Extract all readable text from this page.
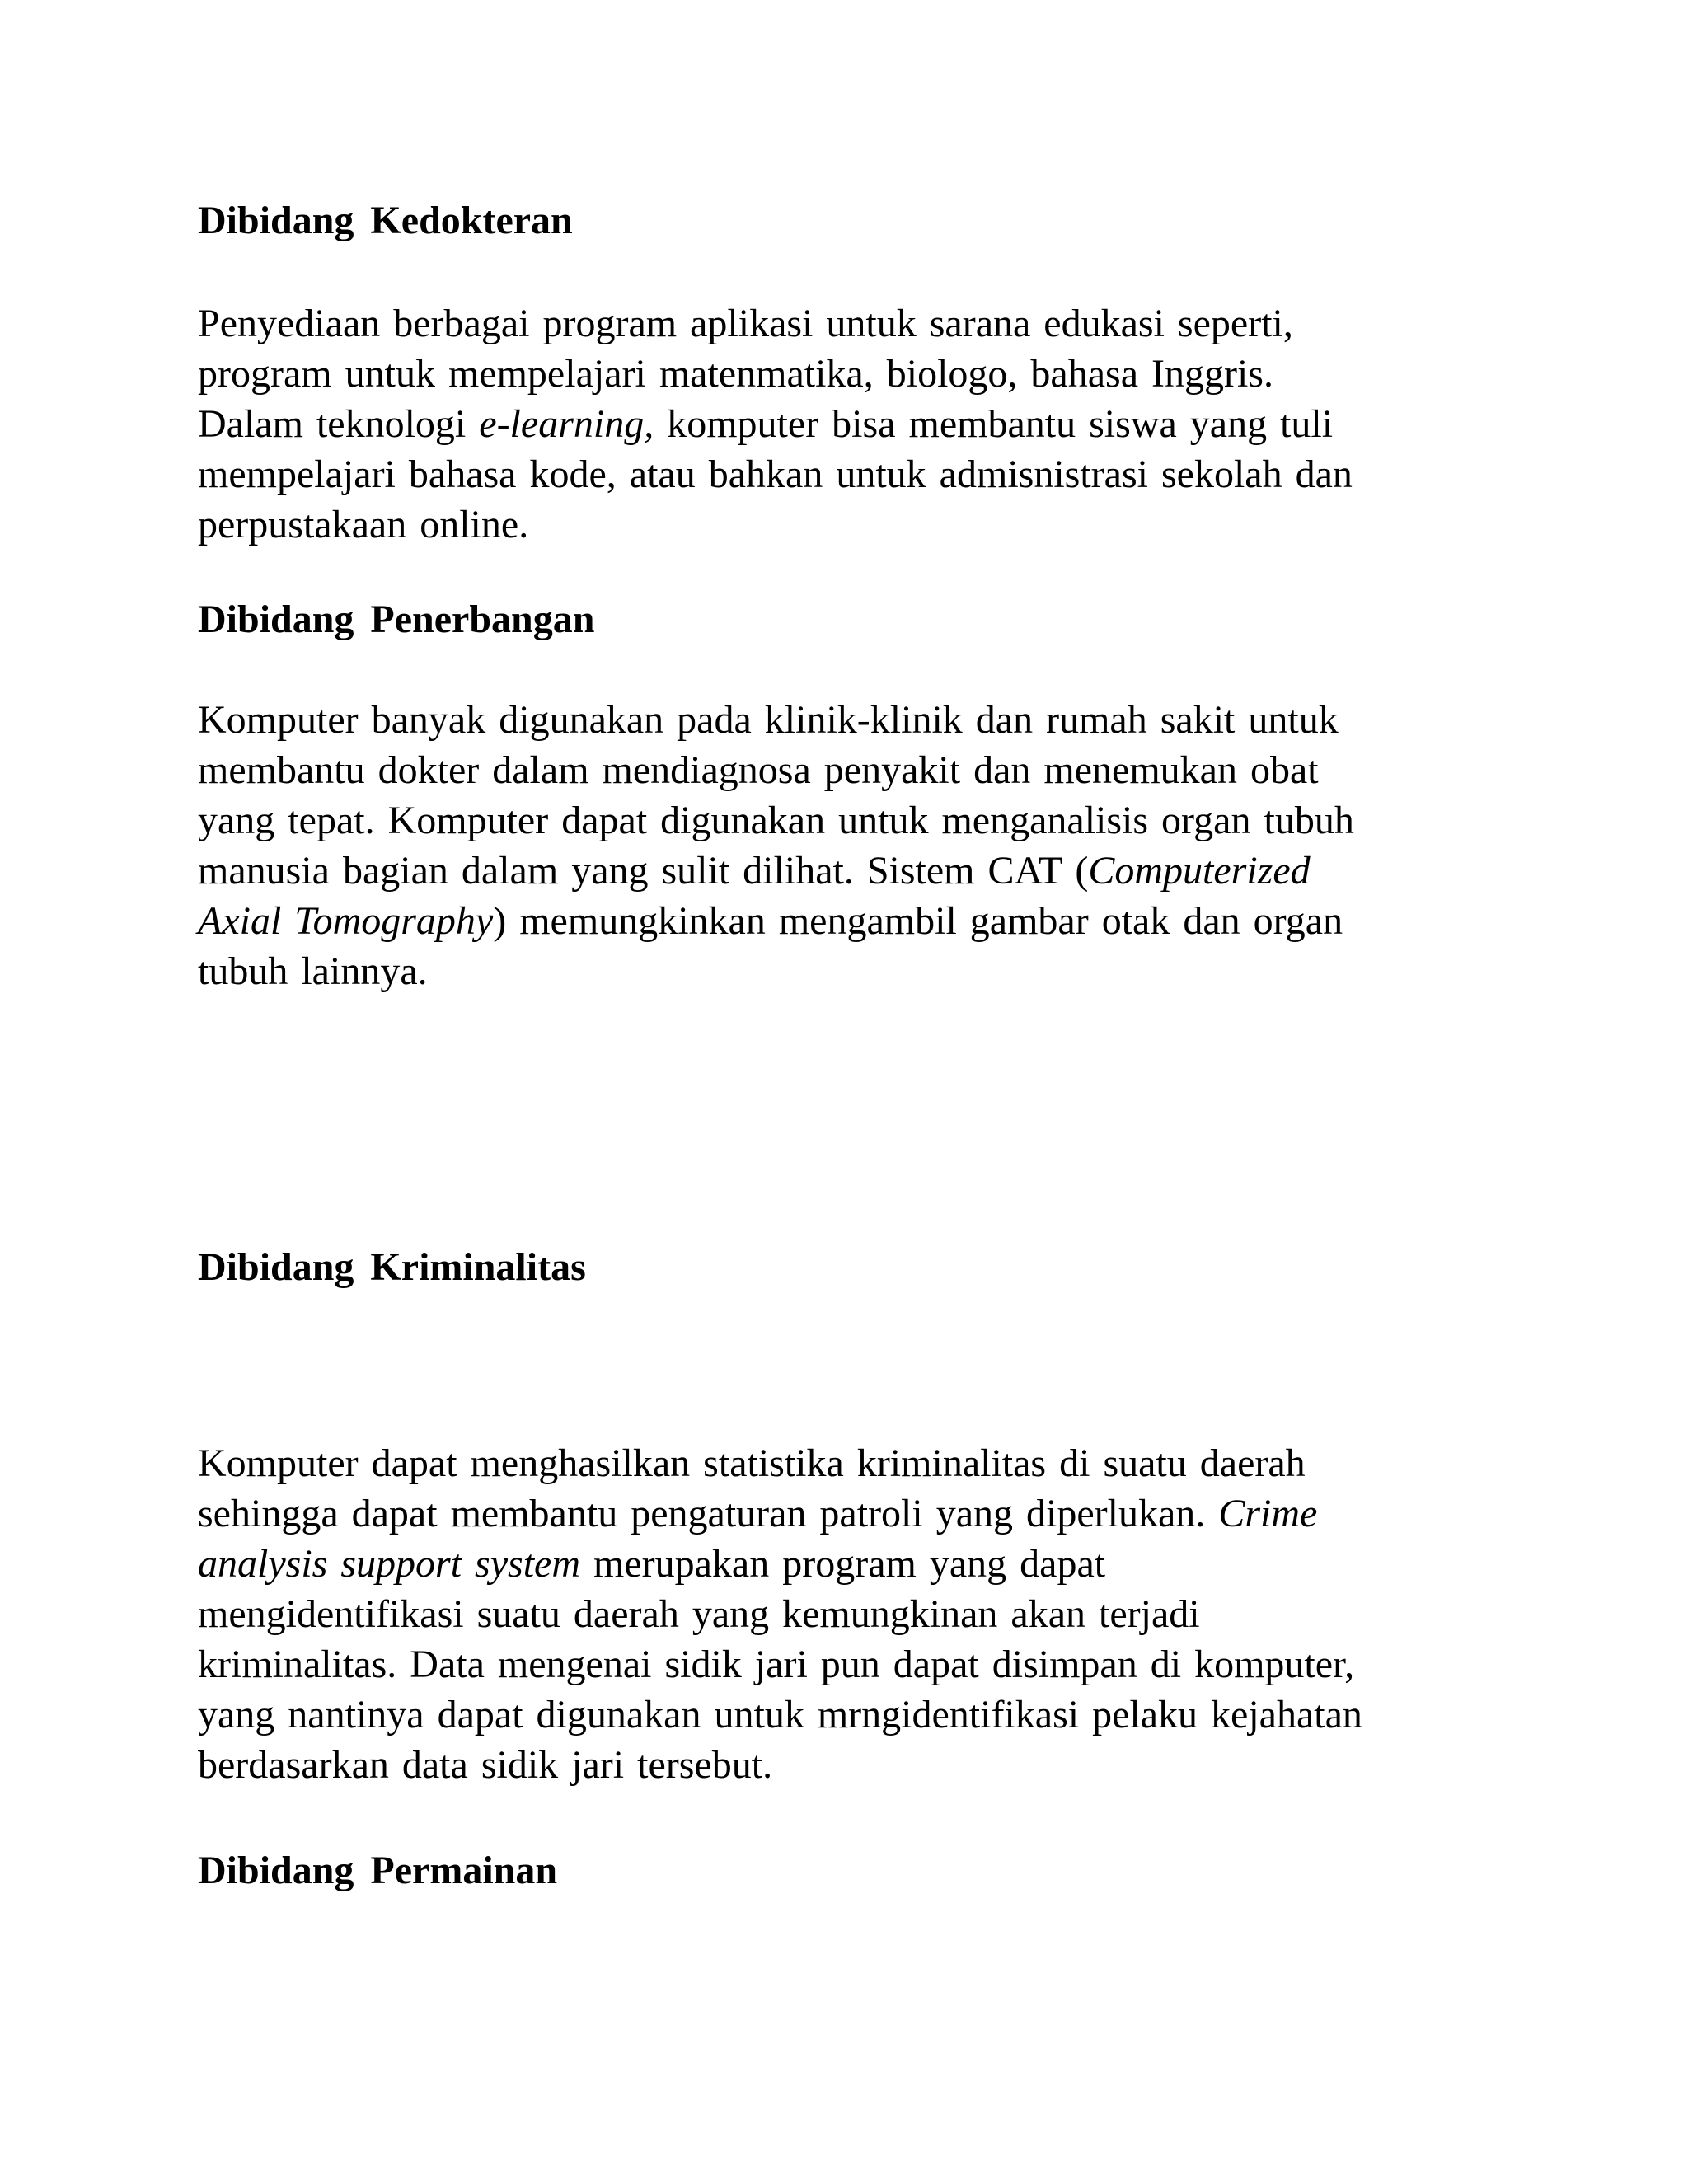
Dibidang Kedokteran

Penyediaan berbagai program aplikasi untuk sarana edukasi seperti,
program untuk mempelajari matenmatika, biologo, bahasa Inggris.
Dalam teknologi e-learning, komputer bisa membantu siswa yang tuli
mempelajari bahasa kode, atau bahkan untuk admisnistrasi sekolah dan
perpustakaan online.

Dibidang Penerbangan

Komputer banyak digunakan pada klinik-klinik dan rumah sakit untuk
membantu dokter dalam mendiagnosa penyakit dan menemukan obat
yang tepat. Komputer dapat digunakan untuk menganalisis organ tubuh
manusia bagian dalam yang sulit dilihat. Sistem CAT (Computerized
Axial Tomography) memungkinkan mengambil gambar otak dan organ
tubuh lainnya.

Dibidang Kriminalitas

Komputer dapat menghasilkan statistika kriminalitas di suatu daerah
sehingga dapat membantu pengaturan patroli yang diperlukan. Crime
analysis support system merupakan program yang dapat
mengidentifikasi suatu daerah yang kemungkinan akan terjadi
kriminalitas. Data mengenai sidik jari pun dapat disimpan di komputer,
yang nantinya dapat digunakan untuk mrngidentifikasi pelaku kejahatan
berdasarkan data sidik jari tersebut.

Dibidang Permainan
